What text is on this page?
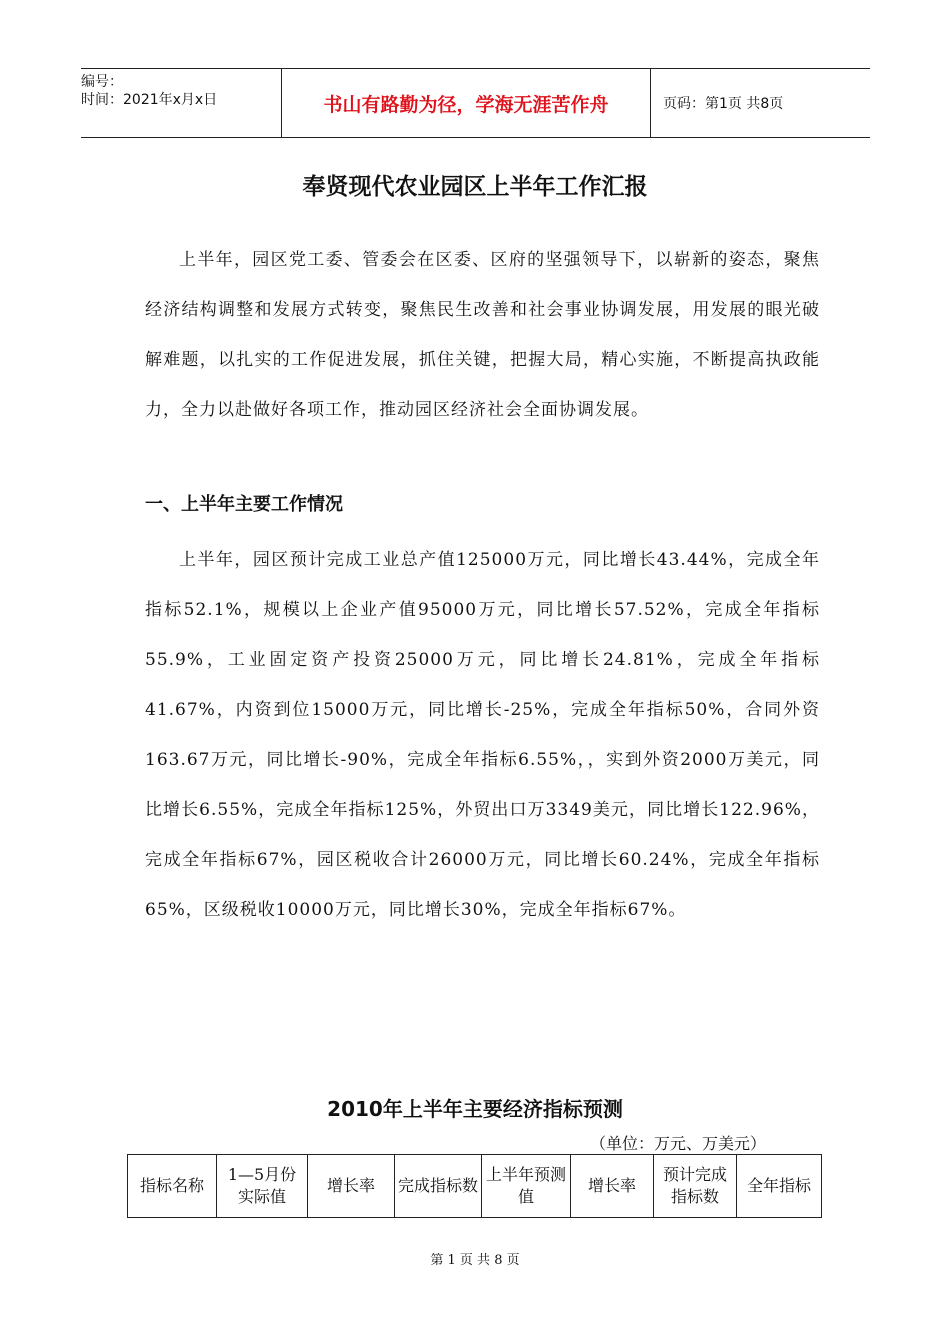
编号：
时间：2021年x月x日	书山有路勤为径，学海无涯苦作舟	页码：第1页 共8页
奉贤现代农业园区上半年工作汇报

上半年，园区党工委、管委会在区委、区府的坚强领导下，以崭新的姿态，聚焦经济结构调整和发展方式转变，聚焦民生改善和社会事业协调发展，用发展的眼光破解难题，以扎实的工作促进发展，抓住关键，把握大局，精心实施，不断提高执政能力，全力以赴做好各项工作，推动园区经济社会全面协调发展。

一、上半年主要工作情况

上半年，园区预计完成工业总产值125000万元，同比增长43.44%，完成全年指标52.1%，规模以上企业产值95000万元，同比增长57.52%，完成全年指标55.9%，工业固定资产投资25000万元，同比增长24.81%，完成全年指标41.67%，内资到位15000万元，同比增长-25%，完成全年指标50%，合同外资163.67万元，同比增长-90%，完成全年指标6.55%，，实到外资2000万美元，同比增长6.55%，完成全年指标125%，外贸出口万3349美元，同比增长122.96%，完成全年指标67%，园区税收合计26000万元，同比增长60.24%，完成全年指标65%，区级税收10000万元，同比增长30%，完成全年指标67%。

2010年上半年主要经济指标预测
（单位：万元、万美元）
指标名称	1—5月份实际值	增长率	完成指标数	上半年预测值	增长率	预计完成指标数	全年指标
第 1 页 共 8 页
